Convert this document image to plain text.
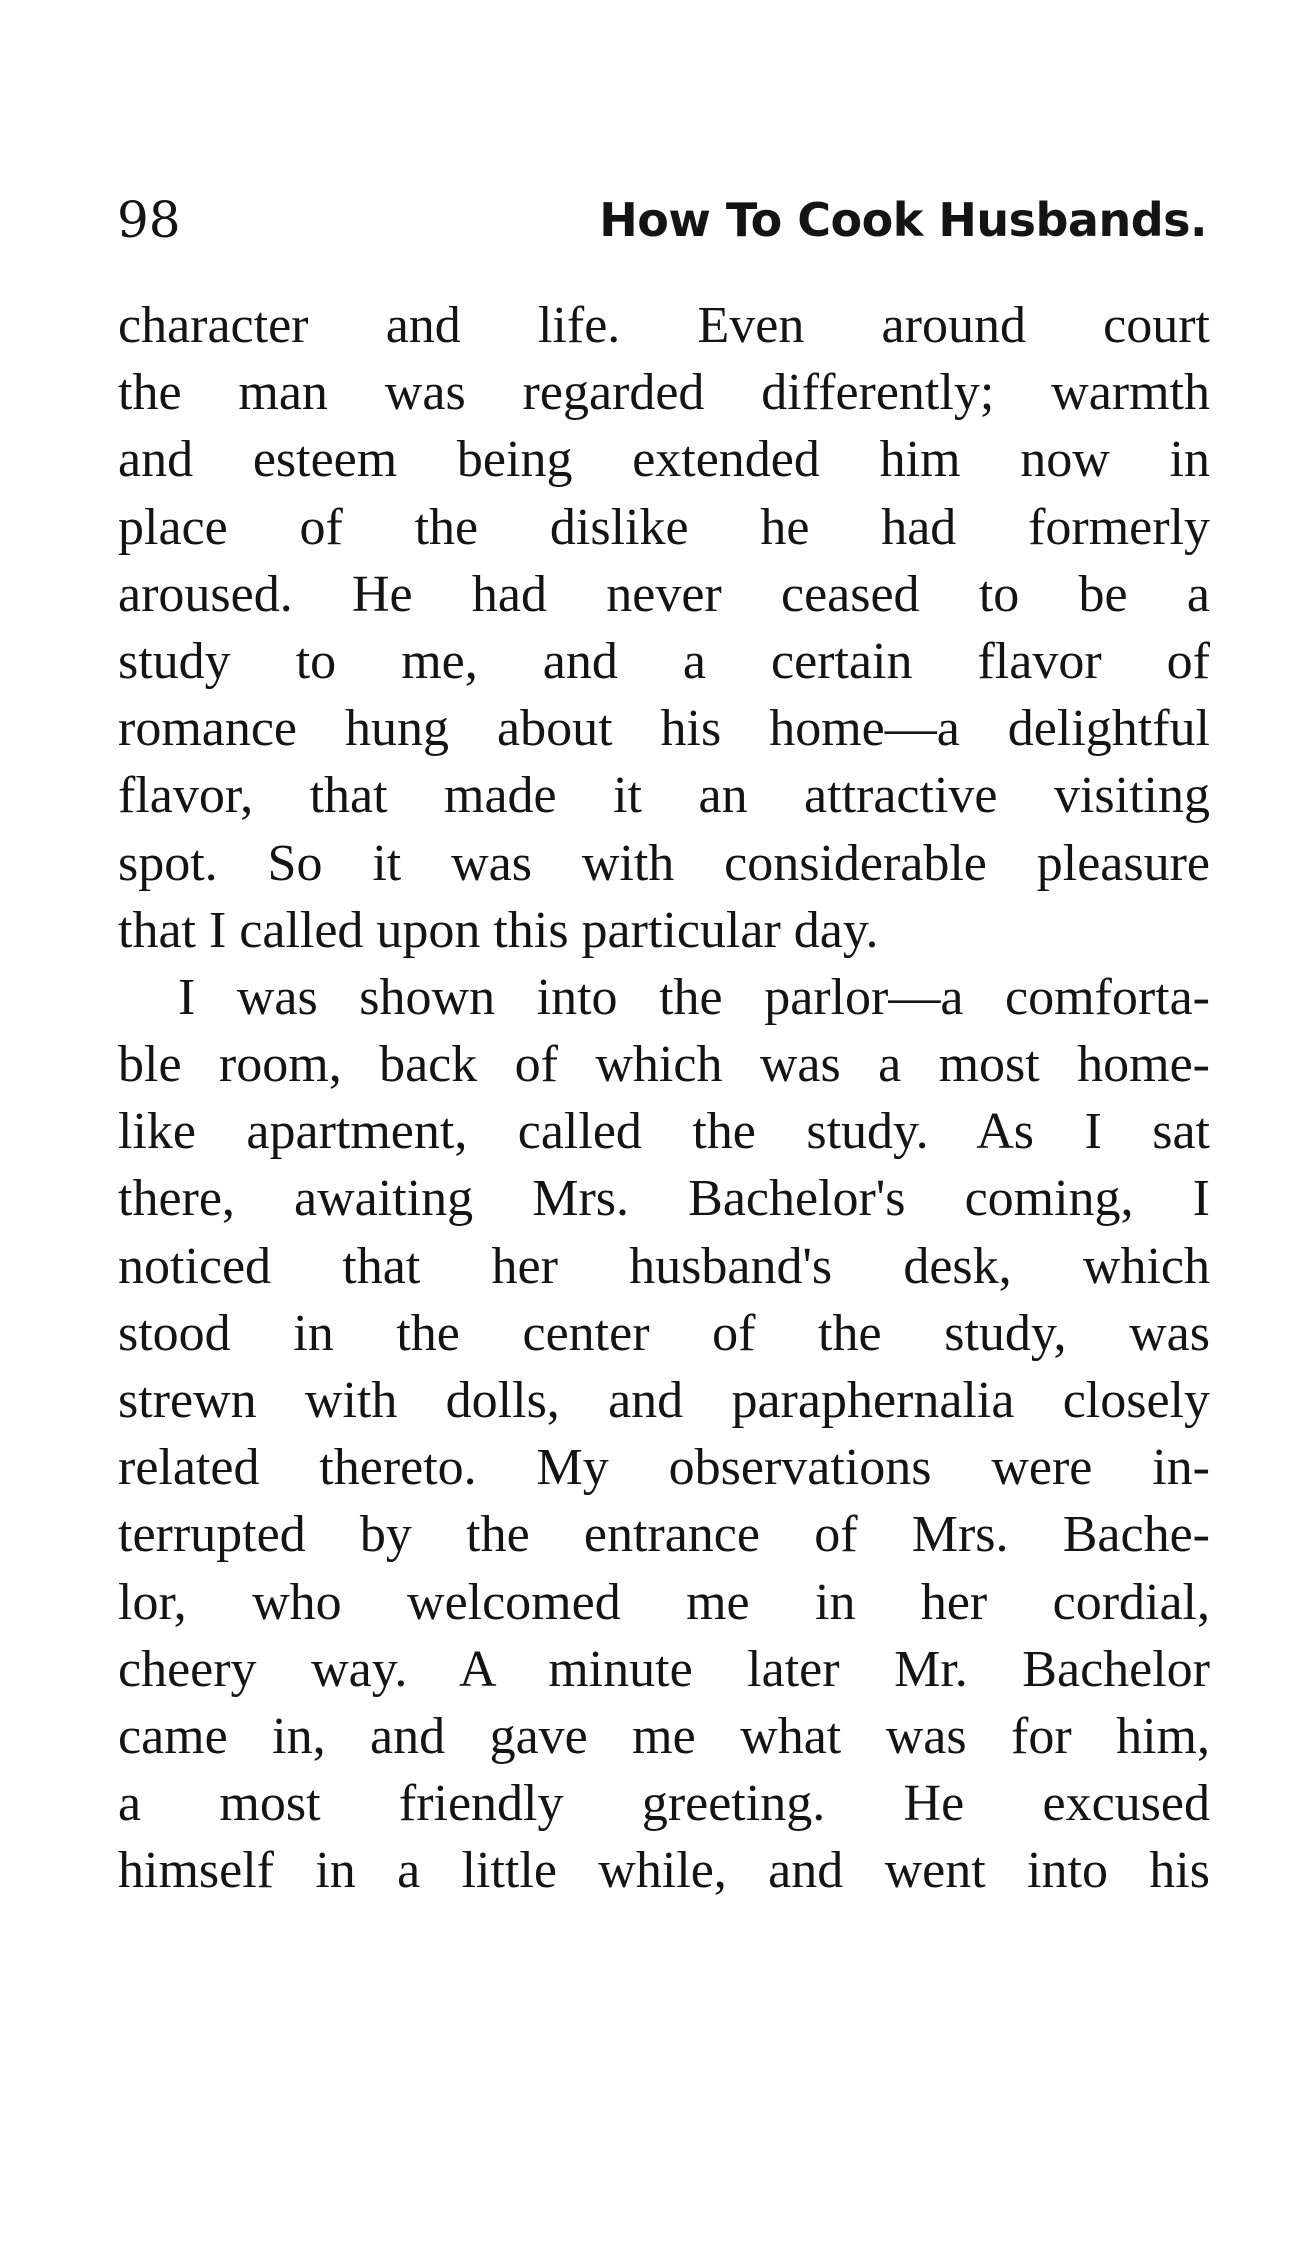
98	How To Cook Husbands.
character and life. Even around court
the man was regarded differently; warmth
and esteem being extended him now in
place of the dislike he had formerly
aroused. He had never ceased to be a
study to me, and a certain flavor of
romance hung about his home—a delightful
flavor, that made it an attractive visiting
spot. So it was with considerable pleasure
that I called upon this particular day.
I was shown into the parlor—a comforta-
ble room, back of which was a most home-
like apartment, called the study. As I sat
there, awaiting Mrs. Bachelor's coming, I
noticed that her husband's desk, which
stood in the center of the study, was
strewn with dolls, and paraphernalia closely
related thereto. My observations were in-
terrupted by the entrance of Mrs. Bache-
lor, who welcomed me in her cordial,
cheery way. A minute later Mr. Bachelor
came in, and gave me what was for him,
a most friendly greeting. He excused
himself in a little while, and went into his
